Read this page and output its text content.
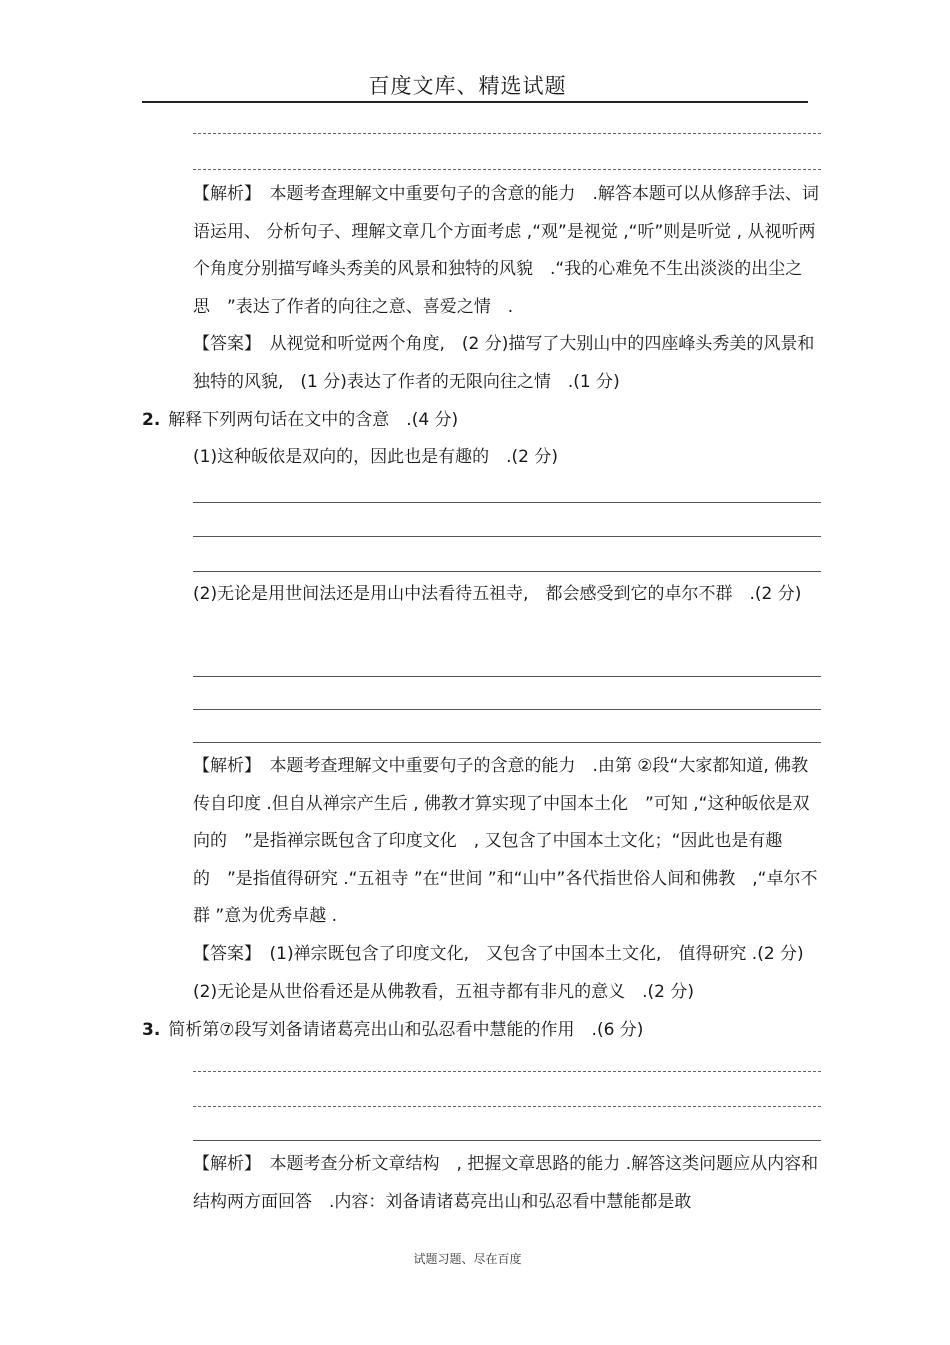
百度文库、精选试题
【解析】　本题考查理解文中重要句子的含意的能力　.解答本题可以从修辞手法、词语运用、 分析句子、理解文章几个方面考虑 ,“观”是视觉 ,“听”则是听觉 , 从视听两个角度分别描写峰头秀美的风景和独特的风貌　.“我的心难免不生出淡淡的出尘之思　”表达了作者的向往之意、喜爱之情　.
【答案】　从视觉和听觉两个角度,　(2 分)描写了大别山中的四座峰头秀美的风景和独特的风貌,　(1 分)表达了作者的无限向往之情　.(1 分)
2. 解释下列两句话在文中的含意　.(4 分)
(1)这种皈依是双向的，因此也是有趣的　.(2 分)
(2)无论是用世间法还是用山中法看待五祖寺,　都会感受到它的卓尔不群　.(2 分)
【解析】　本题考查理解文中重要句子的含意的能力　.由第 ②段“大家都知道, 佛教传自印度 .但自从禅宗产生后 , 佛教才算实现了中国本土化　”可知 ,“这种皈依是双向的　”是指禅宗既包含了印度文化　, 又包含了中国本土文化；“因此也是有趣的　”是指值得研究 .“五祖寺 ”在“世间 ”和“山中”各代指世俗人间和佛教　,“卓尔不群 ”意为优秀卓越 .
【答案】　(1)禅宗既包含了印度文化,　又包含了中国本土文化,　值得研究 .(2 分)(2)无论是从世俗看还是从佛教看，五祖寺都有非凡的意义　.(2 分)
3. 简析第⑦段写刘备请诸葛亮出山和弘忍看中慧能的作用　.(6 分)
【解析】　本题考查分析文章结构　, 把握文章思路的能力 .解答这类问题应从内容和结构两方面回答　.内容：刘备请诸葛亮出山和弘忍看中慧能都是敢
试题习题、尽在百度
